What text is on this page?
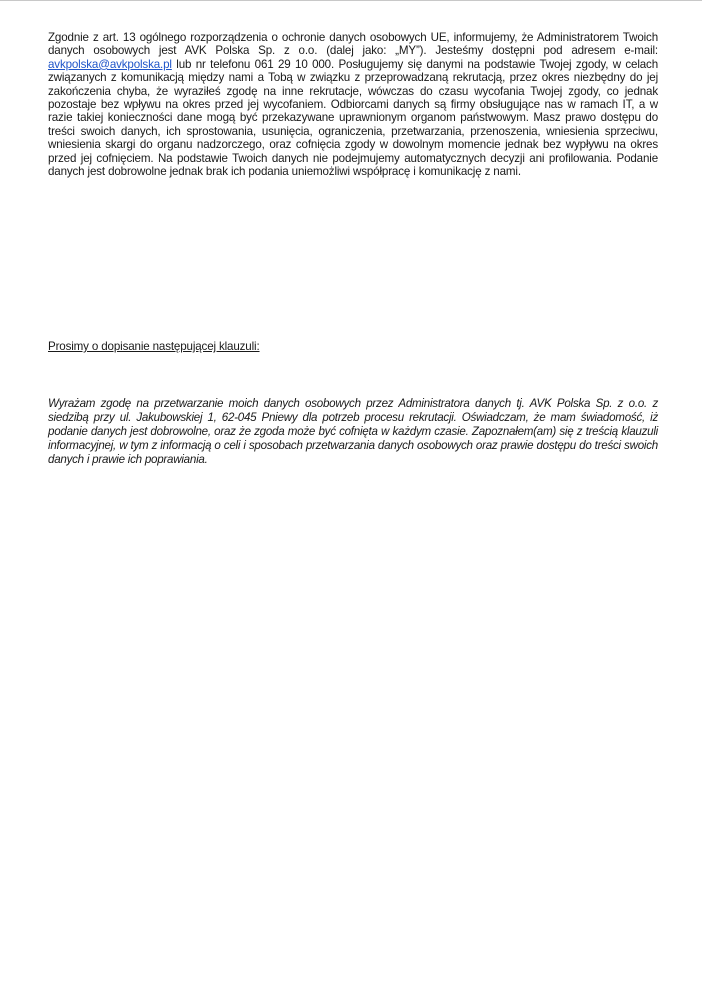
Zgodnie z art. 13 ogólnego rozporządzenia o ochronie danych osobowych UE, informujemy, że Administratorem Twoich danych osobowych jest AVK Polska Sp. z o.o. (dalej jako: „MY”). Jesteśmy dostępni pod adresem e-mail: avkpolska@avkpolska.pl lub nr telefonu 061 29 10 000. Posługujemy się danymi na podstawie Twojej zgody, w celach związanych z komunikacją między nami a Tobą w związku z przeprowadzaną rekrutacją, przez okres niezbędny do jej zakończenia chyba, że wyraziłeś zgodę na inne rekrutacje, wówczas do czasu wycofania Twojej zgody, co jednak pozostaje bez wpływu na okres przed jej wycofaniem. Odbiorcami danych są firmy obsługujące nas w ramach IT, a w razie takiej konieczności dane mogą być przekazywane uprawnionym organom państwowym. Masz prawo dostępu do treści swoich danych, ich sprostowania, usunięcia, ograniczenia, przetwarzania, przenoszenia, wniesienia sprzeciwu, wniesienia skargi do organu nadzorczego, oraz cofnięcia zgody w dowolnym momencie jednak bez wypływu na okres przed jej cofnięciem. Na podstawie Twoich danych nie podejmujemy automatycznych decyzji ani profilowania. Podanie danych jest dobrowolne jednak brak ich podania uniemożliwi współpracę i komunikację z nami.

Prosimy o dopisanie następującej klauzuli:

Wyrażam zgodę na przetwarzanie moich danych osobowych przez Administratora danych tj. AVK Polska Sp. z o.o. z siedzibą przy ul. Jakubowskiej 1, 62-045 Pniewy dla potrzeb procesu rekrutacji. Oświadczam, że mam świadomość, iż podanie danych jest dobrowolne, oraz że zgoda może być cofnięta w każdym czasie. Zapoznałem(am) się z treścią klauzuli informacyjnej, w tym z informacją o celi i sposobach przetwarzania danych osobowych oraz prawie dostępu do treści swoich danych i prawie ich poprawiania.
